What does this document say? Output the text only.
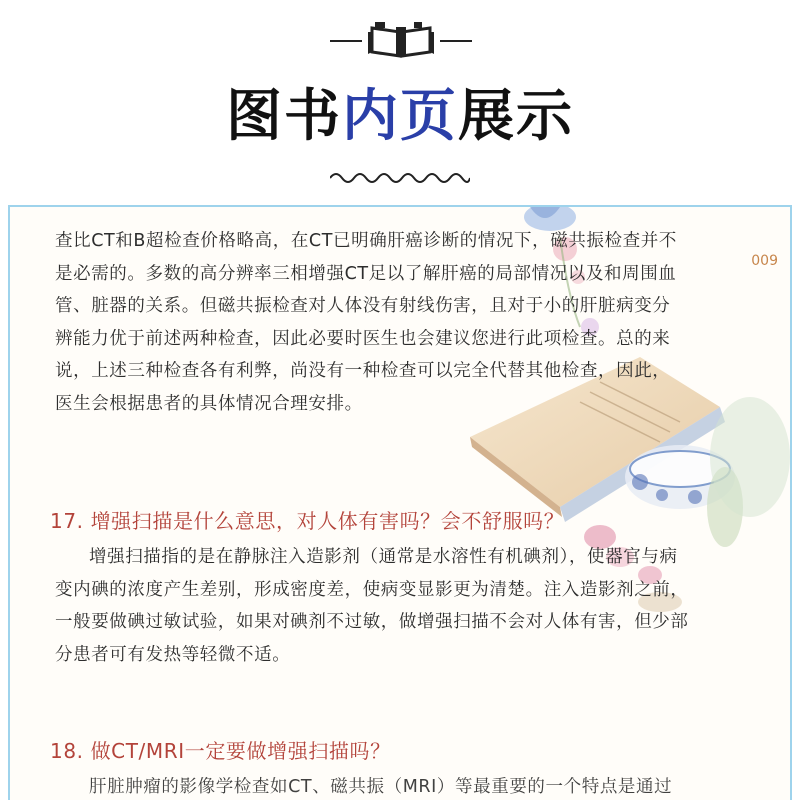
图书内页展示
009
查比CT和B超检查价格略高，在CT已明确肝癌诊断的情况下，磁共振检查并不
是必需的。多数的高分辨率三相增强CT足以了解肝癌的局部情况以及和周围血
管、脏器的关系。但磁共振检查对人体没有射线伤害，且对于小的肝脏病变分
辨能力优于前述两种检查，因此必要时医生也会建议您进行此项检查。总的来
说，上述三种检查各有利弊，尚没有一种检查可以完全代替其他检查，因此，
医生会根据患者的具体情况合理安排。
17. 增强扫描是什么意思，对人体有害吗？会不舒服吗？
增强扫描指的是在静脉注入造影剂（通常是水溶性有机碘剂），使器官与病
变内碘的浓度产生差别，形成密度差，使病变显影更为清楚。注入造影剂之前，
一般要做碘过敏试验，如果对碘剂不过敏，做增强扫描不会对人体有害，但少部
分患者可有发热等轻微不适。
18. 做CT/MRI一定要做增强扫描吗？
肝脏肿瘤的影像学检查如CT、磁共振（MRI）等最重要的一个特点是通过
